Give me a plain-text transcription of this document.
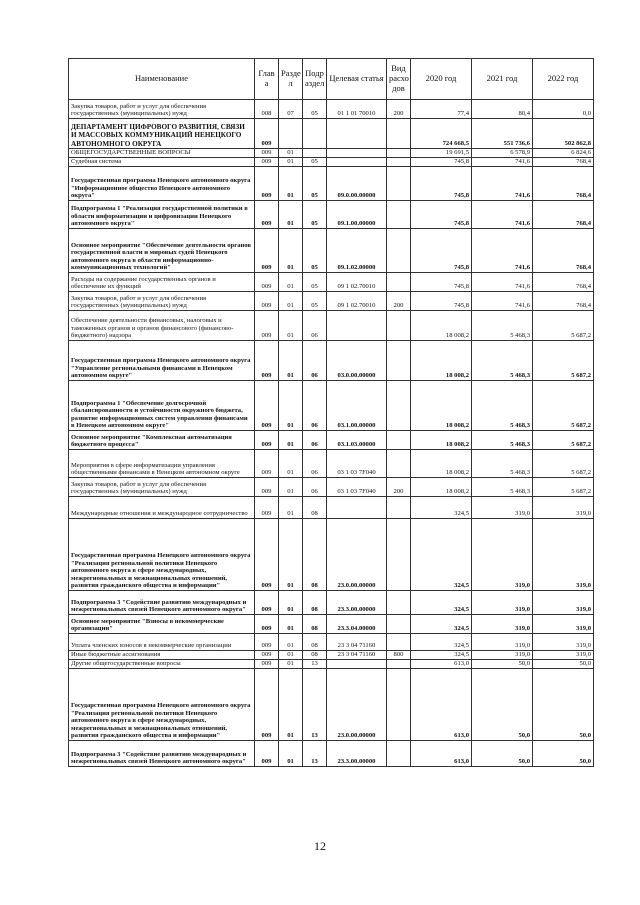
Наименование	Глав а	Разде л	Подр аздел	Целевая статья	Вид расхо дов	2020 год	2021 год	2022 год
Закупка товаров, работ и услуг для обеспечения государственных (муниципальных) нужд	008	07	05	01 1 01 70010	200	77,4	80,4	0,0
ДЕПАРТАМЕНТ ЦИФРОВОГО РАЗВИТИЯ, СВЯЗИ И МАССОВЫХ КОММУНИКАЦИЙ НЕНЕЦКОГО АВТОНОМНОГО ОКРУГА	009					724 668,5	551 736,6	502 862,8
ОБЩЕГОСУДАРСТВЕННЫЕ ВОПРОСЫ	009	01				19 691,5	6 578,9	6 824,6
Судебная система	009	01	05			745,8	741,6	768,4
Государственная программа Ненецкого автономного округа "Информационное общество Ненецкого автономного округа"	009	01	05	09.0.00.00000		745,8	741,6	768,4
Подпрограмма 1 "Реализация государственной политики в области информатизации и цифровизации Ненецкого автономного округа"	009	01	05	09.1.00.00000		745,8	741,6	768,4
Основное мероприятие "Обеспечение деятельности органов государственной власти и мировых судей Ненецкого автономного округа в области информационно-коммуникационных технологий"	009	01	05	09.1.02.00000		745,8	741,6	768,4
Расходы на содержание государственных органов и обеспечение их функций	009	01	05	09 1 02.70010		745,8	741,6	768,4
Закупка товаров, работ и услуг для обеспечения государственных (муниципальных) нужд	009	01	05	09 1 02.70010	200	745,8	741,6	768,4
Обеспечение деятельности финансовых, налоговых и таможенных органов и органов финансового (финансово-бюджетного) надзора	009	01	06			18 008,2	5 468,3	5 687,2
Государственная программа Ненецкого автономного округа "Управление региональными финансами в Ненецком автономном округе"	009	01	06	03.0.00.00000		18 008,2	5 468,3	5 687,2
Подпрограмма 1 "Обеспечение долгосрочной сбалансированности и устойчивости окружного бюджета, развитие информационных систем управления финансами в Ненецком автономном округе"	009	01	06	03.1.00.00000		18 008,2	5 468,3	5 687,2
Основное мероприятие "Комплексная автоматизация бюджетного процесса"	009	01	06	03.1.03.00000		18 008,2	5 468,3	5 687,2
Мероприятия в сфере информатизации управления общественными финансами в Ненецком автономном округе	009	01	06	03 1 03 7F040		18 008,2	5 468,3	5 687,2
Закупка товаров, работ и услуг для обеспечения государственных (муниципальных) нужд	009	01	06	03 1 03 7F040	200	18 008,2	5 468,3	5 687,2
Международные отношения и международное сотрудничество	009	01	08			324,5	319,0	319,0
Государственная программа Ненецкого автономного округа "Реализация региональной политики Ненецкого автономного округа в сфере международных, межрегиональных и межнациональных отношений, развития гражданского общества и информации"	009	01	08	23.0.00.00000		324,5	319,0	319,0
Подпрограмма 3 "Содействие развитию международных и межрегиональных связей Ненецкого автономного округа"	009	01	08	23.3.00.00000		324,5	319,0	319,0
Основное мероприятие "Взносы в некоммерческие организации"	009	01	08	23.3.04.00000		324,5	319,0	319,0
Уплата членских взносов в некоммерческие организации	009	01	08	23 3 04 71160		324,5	319,0	319,0
Иные бюджетные ассигнования	009	01	08	23 3 04 71160	800	324,5	319,0	319,0
Другие общегосударственные вопросы	009	01	13			613,0	50,0	50,0
Государственная программа Ненецкого автономного округа "Реализация региональной политики Ненецкого автономного округа в сфере международных, межрегиональных и межнациональных отношений, развития гражданского общества и информации"	009	01	13	23.0.00.00000		613,0	50,0	50,0
Подпрограмма 3 "Содействие развитию международных и межрегиональных связей Ненецкого автономного округа"	009	01	13	23.3.00.00000		613,0	50,0	50,0
12
